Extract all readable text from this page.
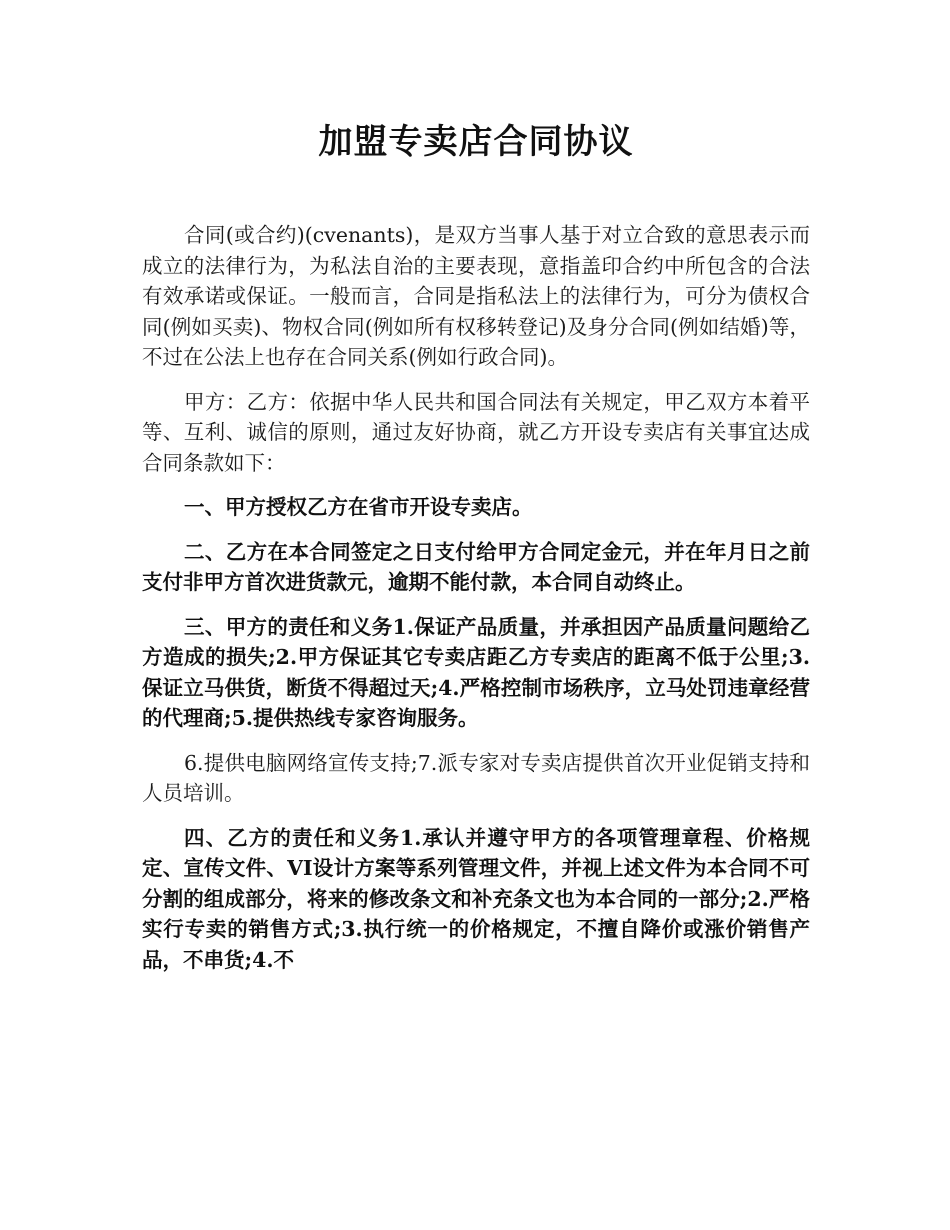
加盟专卖店合同协议

合同(或合约)(cvenants)，是双方当事人基于对立合致的意思表示而成立的法律行为，为私法自治的主要表现，意指盖印合约中所包含的合法有效承诺或保证。一般而言，合同是指私法上的法律行为，可分为债权合同(例如买卖)、物权合同(例如所有权移转登记)及身分合同(例如结婚)等，不过在公法上也存在合同关系(例如行政合同)。

甲方：乙方：依据中华人民共和国合同法有关规定，甲乙双方本着平等、互利、诚信的原则，通过友好协商，就乙方开设专卖店有关事宜达成合同条款如下：

一、甲方授权乙方在省市开设专卖店。

二、乙方在本合同签定之日支付给甲方合同定金元，并在年月日之前支付非甲方首次进货款元，逾期不能付款，本合同自动终止。

三、甲方的责任和义务1.保证产品质量，并承担因产品质量问题给乙方造成的损失;2.甲方保证其它专卖店距乙方专卖店的距离不低于公里;3.保证立马供货，断货不得超过天;4.严格控制市场秩序，立马处罚违章经营的代理商;5.提供热线专家咨询服务。

6.提供电脑网络宣传支持;7.派专家对专卖店提供首次开业促销支持和人员培训。

四、乙方的责任和义务1.承认并遵守甲方的各项管理章程、价格规定、宣传文件、VI设计方案等系列管理文件，并视上述文件为本合同不可分割的组成部分，将来的修改条文和补充条文也为本合同的一部分;2.严格实行专卖的销售方式;3.执行统一的价格规定，不擅自降价或涨价销售产品，不串货;4.不
